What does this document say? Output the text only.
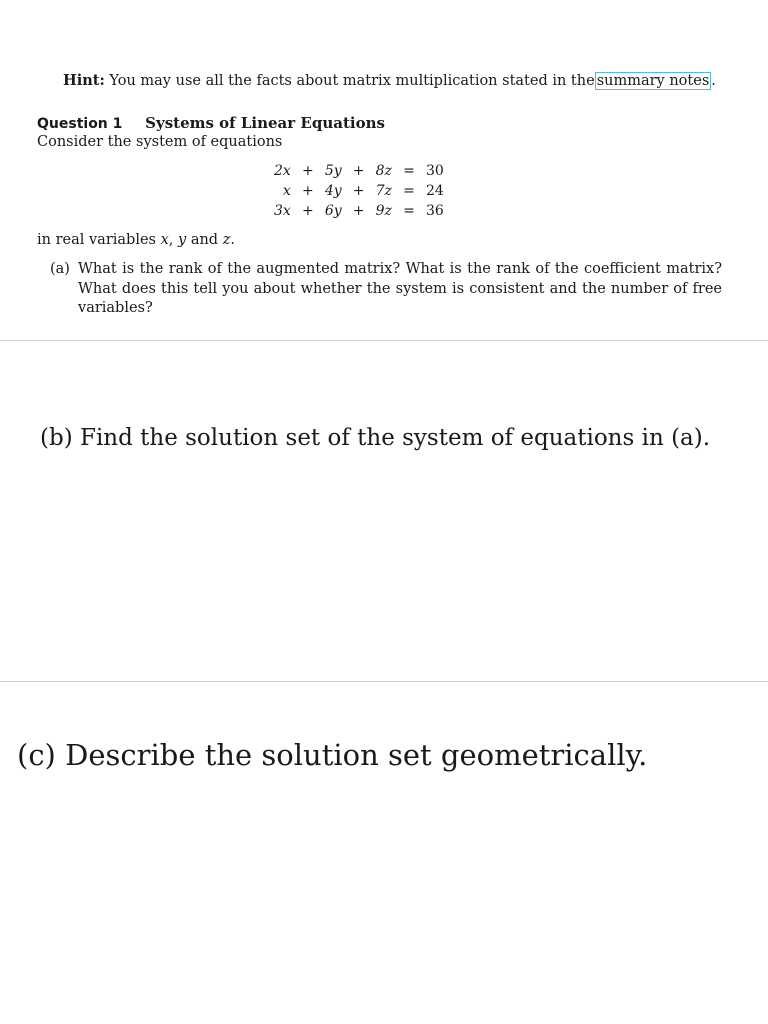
Hint: You may use all the facts about matrix multiplication stated in the summary notes .
Question 1 Systems of Linear Equations
Consider the system of equations
2x	+	5y	+	8z	=	30
x	+	4y	+	7z	=	24
3x	+	6y	+	9z	=	36
in real variables x, y and z.
(a) What is the rank of the augmented matrix? What is the rank of the coefficient matrix? What does this tell you about whether the system is consistent and the number of free variables?
(b) Find the solution set of the system of equations in (a).
(c) Describe the solution set geometrically.
